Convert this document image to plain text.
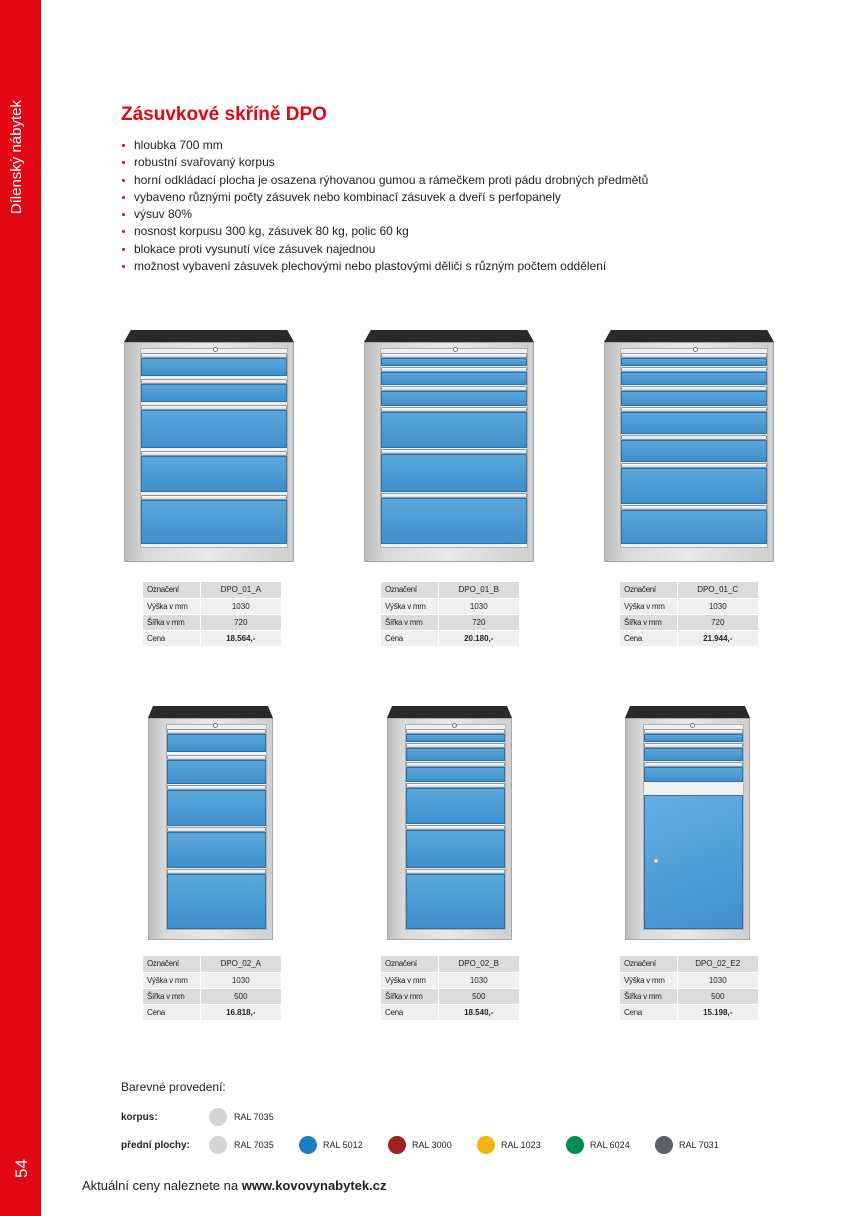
Dílenský nábytek
54
Zásuvkové skříně DPO
hloubka 700 mm
robustní svařovaný korpus
horní odkládací plocha je osazena rýhovanou gumou a rámečkem proti pádu drobných předmětů
vybaveno různými počty zásuvek nebo kombinací zásuvek a dveří s perfopanely
výsuv 80%
nosnost korpusu 300 kg, zásuvek 80 kg, polic 60 kg
blokace proti vysunutí více zásuvek najednou
možnost vybavení zásuvek plechovými nebo plastovými děliči s různým počtem oddělení
Označení	DPO_01_A
Výška v mm	1030
Šířka v mm	720
Cena	18.564,-
Označení	DPO_01_B
Výška v mm	1030
Šířka v mm	720
Cena	20.180,-
Označení	DPO_01_C
Výška v mm	1030
Šířka v mm	720
Cena	21.944,-
Označení	DPO_02_A
Výška v mm	1030
Šířka v mm	500
Cena	16.818,-
Označení	DPO_02_B
Výška v mm	1030
Šířka v mm	500
Cena	18.540,-
Označení	DPO_02_E2
Výška v mm	1030
Šířka v mm	500
Cena	15.198,-
Barevné provedení:
korpus:
přední plochy:
RAL 7035
RAL 7035	RAL 5012	RAL 3000	RAL 1023	RAL 6024	RAL 7031
Aktuální ceny naleznete na www.kovovynabytek.cz
